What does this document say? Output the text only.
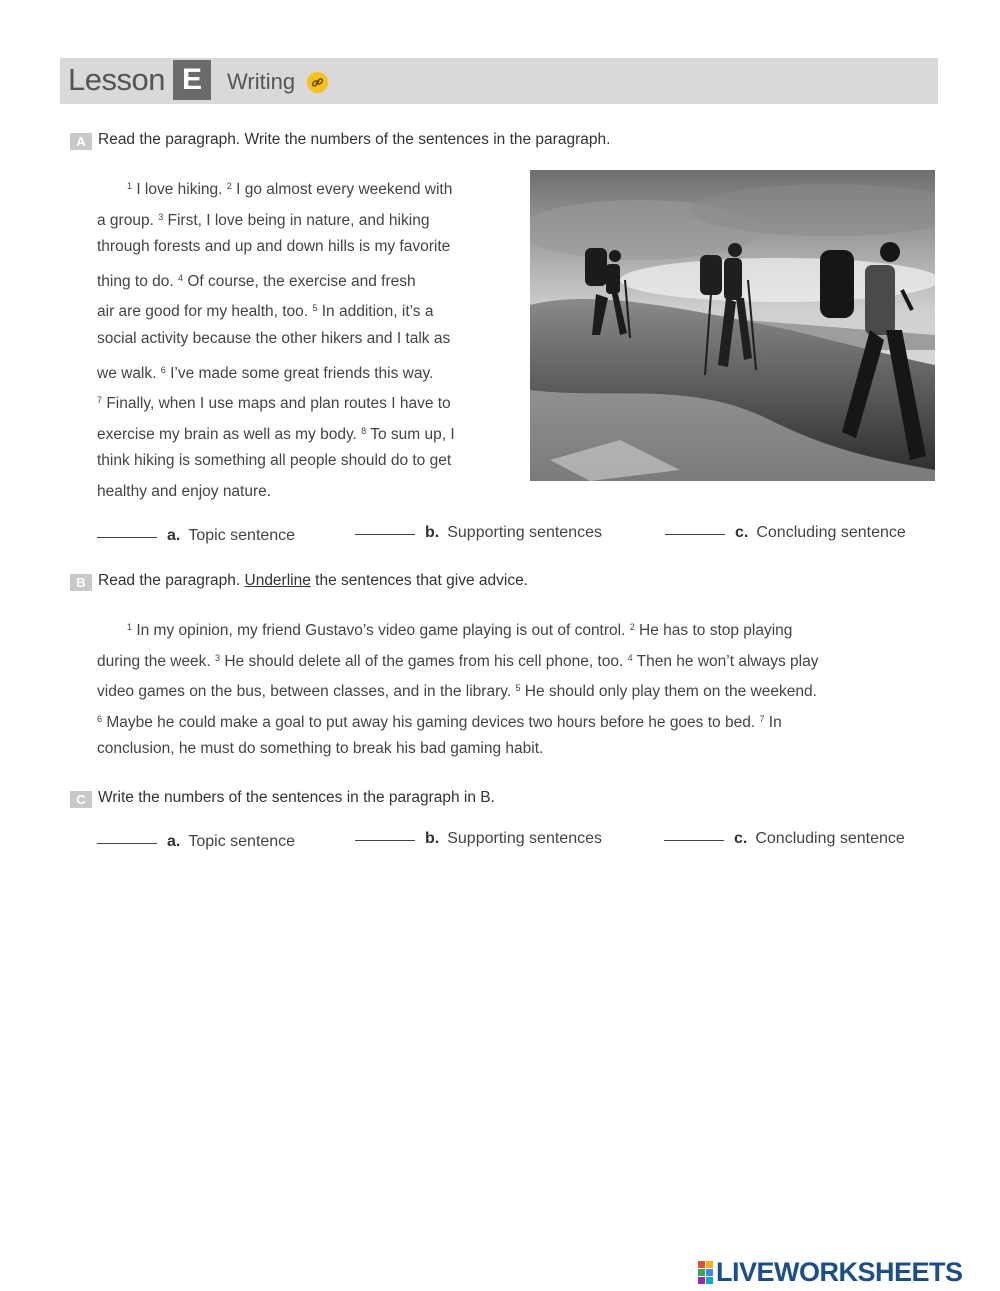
Lesson E	Writing
A Read the paragraph. Write the numbers of the sentences in the paragraph.
$^1$ I love hiking. $^2$ I go almost every weekend with
a group. $^3$ First, I love being in nature, and hiking
through forests and up and down hills is my favorite
thing to do. $^4$ Of course, the exercise and fresh
air are good for my health, too. $^5$ In addition, it’s a
social activity because the other hikers and I talk as
we walk. $^6$ I’ve made some great friends this way.
$^7$ Finally, when I use maps and plan routes I have to
exercise my brain as well as my body. $^8$ To sum up, I
think hiking is something all people should do to get
healthy and enjoy nature.
a. Topic sentence	b. Supporting sentences	c. Concluding sentence
B Read the paragraph. Underline the sentences that give advice.
$^1$ In my opinion, my friend Gustavo’s video game playing is out of control. $^2$ He has to stop playing
during the week. $^3$ He should delete all of the games from his cell phone, too. $^4$ Then he won’t always play
video games on the bus, between classes, and in the library. $^5$ He should only play them on the weekend.
$^6$ Maybe he could make a goal to put away his gaming devices two hours before he goes to bed. $^7$ In
conclusion, he must do something to break his bad gaming habit.
C Write the numbers of the sentences in the paragraph in B.
a. Topic sentence	b. Supporting sentences	c. Concluding sentence
LIVEWORKSHEETS
